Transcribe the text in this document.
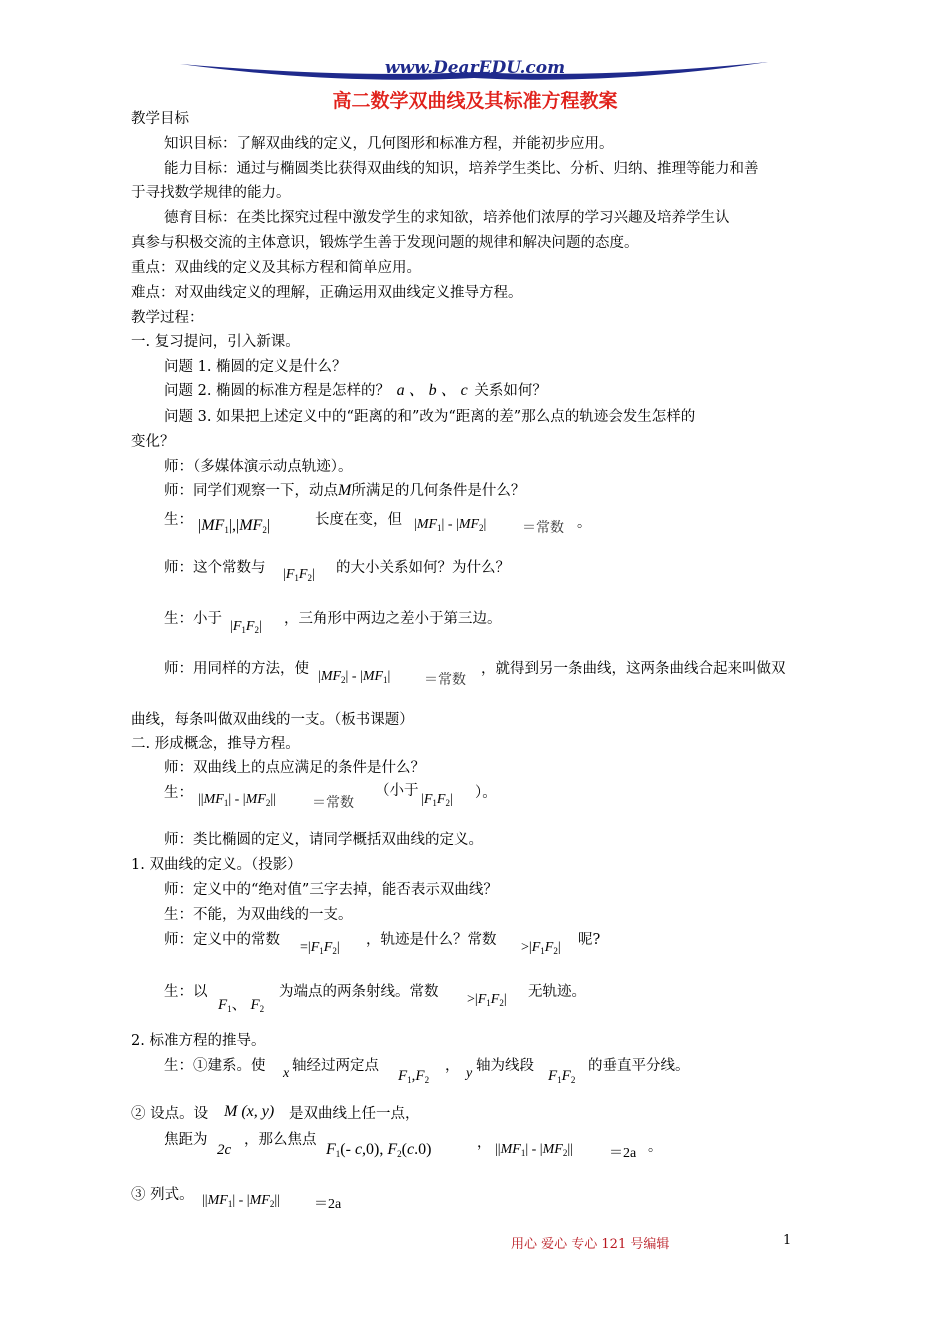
www.DearEDU.com
高二数学双曲线及其标准方程教案
教学目标
知识目标：了解双曲线的定义，几何图形和标准方程，并能初步应用。
能力目标：通过与椭圆类比获得双曲线的知识，培养学生类比、分析、归纳、推理等能力和善
于寻找数学规律的能力。
德育目标：在类比探究过程中激发学生的求知欲，培养他们浓厚的学习兴趣及培养学生认
真参与积极交流的主体意识，锻炼学生善于发现问题的规律和解决问题的态度。
重点：双曲线的定义及其标方程和简单应用。
难点：对双曲线定义的理解，正确运用双曲线定义推导方程。
教学过程：
一. 复习提问，引入新课。
问题 1. 椭圆的定义是什么？
问题 2. 椭圆的标准方程是怎样的？ a 、 b 、 c 关系如何？
问题 3. 如果把上述定义中的“距离的和”改为“距离的差”那么点的轨迹会发生怎样的
变化？
师：（多媒体演示动点轨迹）。
师：同学们观察一下，动点M所满足的几何条件是什么？
生： $|MF_1|,|MF_2|$	长度在变，但 $|MF_1| - |MF_2|$	＝常数 。
师：这个常数与 $|F_1F_2|$ 的大小关系如何？为什么？
生：小于 $|F_1F_2|$ ，三角形中两边之差小于第三边。
师：用同样的方法，使 $|MF_2| - |MF_1|$ ＝常数
，就得到另一条曲线，这两条曲线合起来叫做双
曲线，每条叫做双曲线的一支。（板书课题）
二. 形成概念，推导方程。
师：双曲线上的点应满足的条件是什么？
生： $||MF_1| - |MF_2||$	＝常数
（小于
$|F_1F_2|$ ）。
师：类比椭圆的定义，请同学概括双曲线的定义。
1. 双曲线的定义。（投影）
师：定义中的“绝对值”三字去掉，能否表示双曲线？
生：不能，为双曲线的一支。
师：定义中的常数 $=|F_1F_2|$ ，轨迹是什么？常数 $>|F_1F_2|$ 呢?
生：以
$F_1$、 $F_2$
为端点的两条射线。常数 $>|F_1F_2|$ 无轨迹。
2. 标准方程的推导。
生：①建系。使 x 轴经过两定点
$F_1,F_2$
， y 轴为线段
$F_1F_2$
的垂直平分线。
② 设点。设 M (x, y) 是双曲线上任一点，
焦距为
2c
，那么焦点
$F_1(-$ c,0), $F_2(c.0)$	， $||MF_1| - |MF_2||$	＝2a 。
③ 列式。 $||MF_1| - |MF_2|| =2a$
用心 爱心 专心 121 号编辑	1
